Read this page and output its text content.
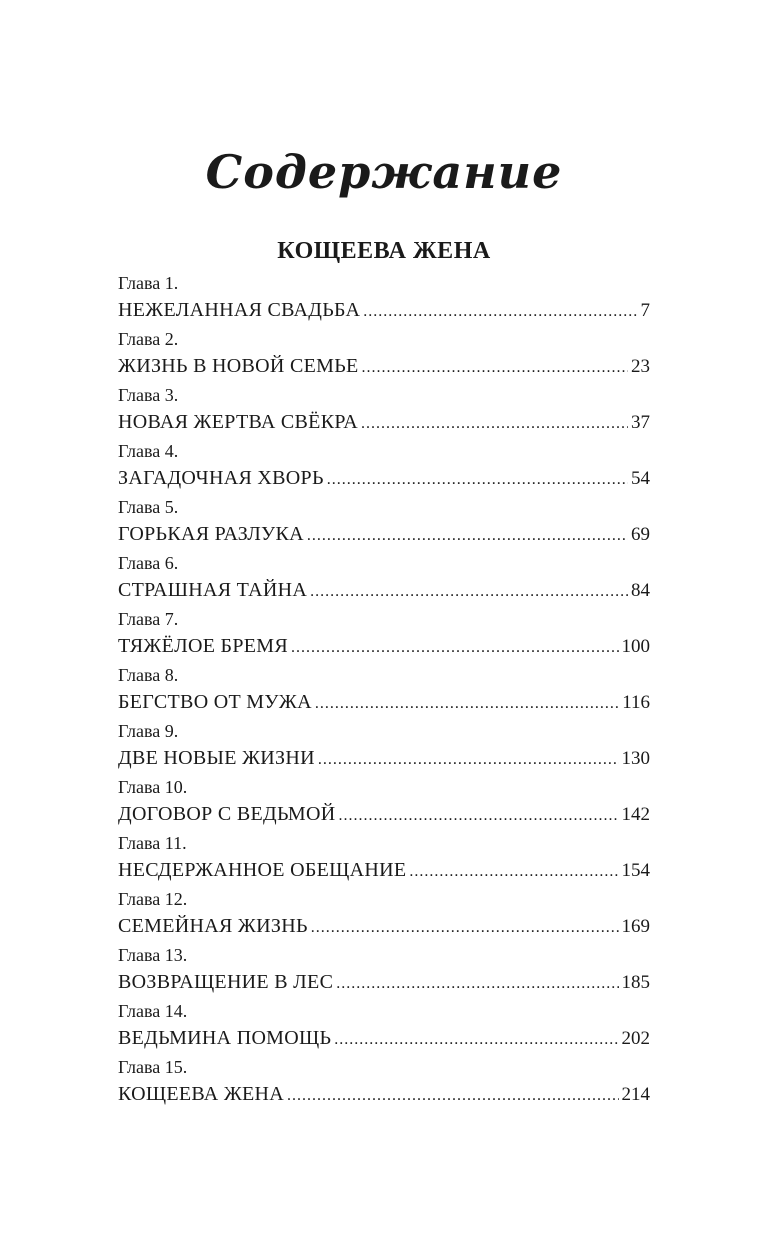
Содержание
КОЩЕЕВА ЖЕНА
Глава 1.
НЕЖЕЛАННАЯ СВАДЬБА .....	7
Глава 2.
ЖИЗНЬ В НОВОЙ СЕМЬЕ .....	23
Глава 3.
НОВАЯ ЖЕРТВА СВЁКРА .....	37
Глава 4.
ЗАГАДОЧНАЯ ХВОРЬ .....	54
Глава 5.
ГОРЬКАЯ РАЗЛУКА .....	69
Глава 6.
СТРАШНАЯ ТАЙНА .....	84
Глава 7.
ТЯЖЁЛОЕ БРЕМЯ .....	100
Глава 8.
БЕГСТВО ОТ МУЖА .....	116
Глава 9.
ДВЕ НОВЫЕ ЖИЗНИ .....	130
Глава 10.
ДОГОВОР С ВЕДЬМОЙ .....	142
Глава 11.
НЕСДЕРЖАННОЕ ОБЕЩАНИЕ .....	154
Глава 12.
СЕМЕЙНАЯ ЖИЗНЬ .....	169
Глава 13.
ВОЗВРАЩЕНИЕ В ЛЕС .....	185
Глава 14.
ВЕДЬМИНА ПОМОЩЬ .....	202
Глава 15.
КОЩЕЕВА ЖЕНА .....	214
